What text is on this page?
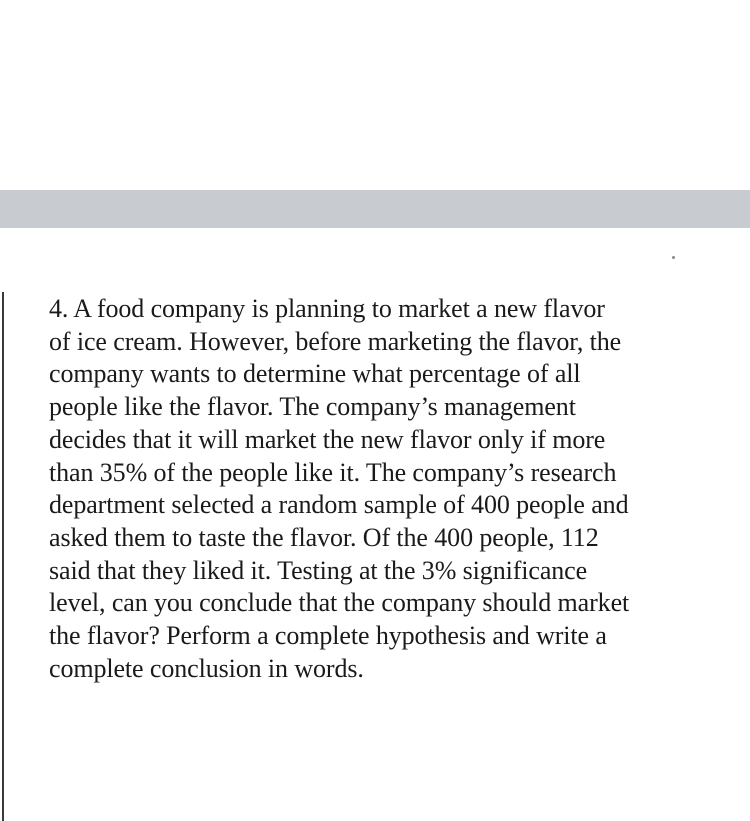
4. A food company is planning to market a new flavor
of ice cream. However, before marketing the flavor, the
company wants to determine what percentage of all
people like the flavor. The company’s management
decides that it will market the new flavor only if more
than 35% of the people like it. The company’s research
department selected a random sample of 400 people and
asked them to taste the flavor. Of the 400 people, 112
said that they liked it. Testing at the 3% significance
level, can you conclude that the company should market
the flavor? Perform a complete hypothesis and write a
complete conclusion in words.
